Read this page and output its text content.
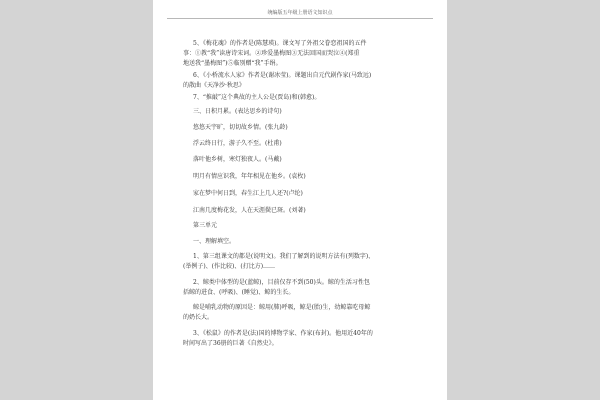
统编版五年级上册语文知识点
5、《梅花魂》的作者是(陈慧瑛)。课文写了外祖父眷恋祖国的五件
事：①教“我”读唐诗宋词。②珍爱墨梅图③无法回国而哭泣④(郑重
地送我“墨梅图”)⑤临别赠“我”手绢。
6、《小桥流水人家》作者是(谢冰莹)。课题出自元代剧作家(马致远)
的散曲《天净沙·秋思》
7、“推敲”这个典故的主人公是(贾岛)和(韩愈)。
三、日积月累。(表达思乡的诗句)
悠悠天宇旷，切切故乡情。(张九龄)
浮云终日行，游子久不至。(杜甫)
落叶他乡树，寒灯独夜人。(马戴)
明月有情应识我，年年相见在他乡。(袁枚)
家在梦中何日到，春生江上几人还?(卢纶)
江南几度梅花发，人在天涯鬓已斑。(刘著)
第三单元
一、理解填空。
1、第三组课文的都是(说明文)。我们了解到的说明方法有(列数字)、
(举例子)、(作比较)、(打比方)……
2、鲸类中体型的是(蓝鲸)，目前仅存不到(50)头。鲸的生活习性包
括鲸的进食、(呼吸)、(睡觉)、鲸的生长。
鲸是哺乳动物的原因是：鲸用(肺)呼吸，鲸是(胎)生，幼鲸靠吃母鲸
的奶长大。
3、《松鼠》的作者是(法)国的博物学家、作家(布封)。他用近40年的
时间写出了36册的巨著《自然史》。
